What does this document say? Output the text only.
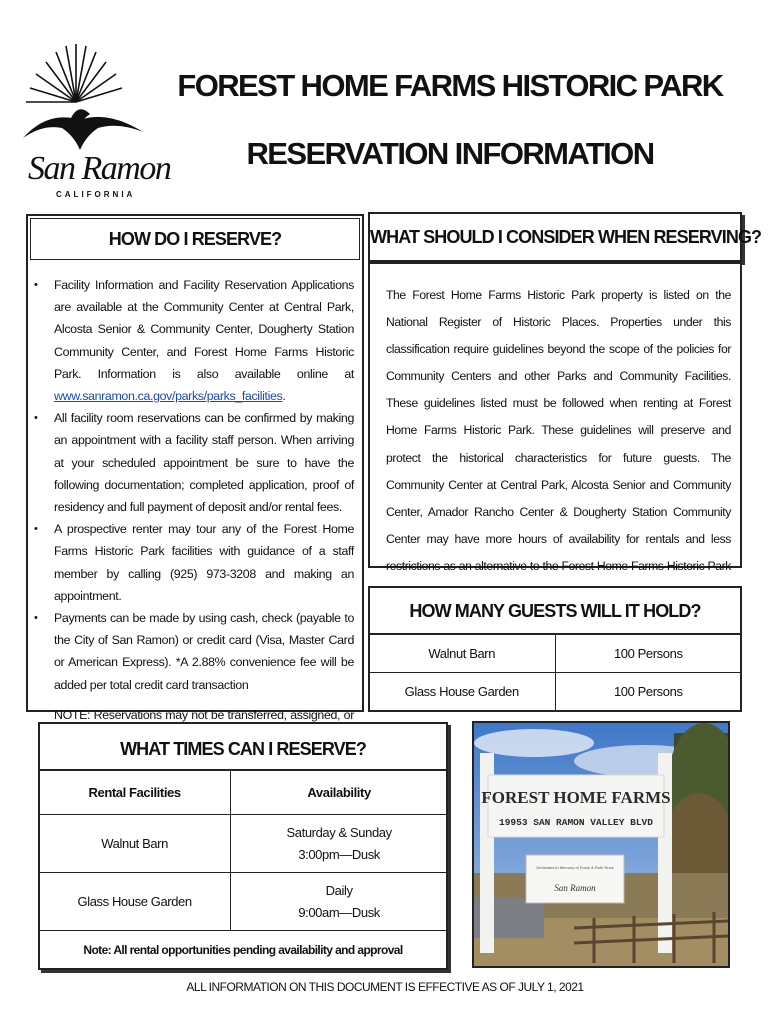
San Ramon
CALIFORNIA
FOREST HOME FARMS HISTORIC PARK
RESERVATION INFORMATION
HOW DO I RESERVE?
• Facility Information and Facility Reservation Applications are available at the Community Center at Central Park, Alcosta Senior & Community Center, Dougherty Station Community Center, and Forest Home Farms Historic Park. Information is also available online at www.sanramon.ca.gov/parks/parks_facilities.
• All facility room reservations can be confirmed by making an appointment with a facility staff person. When arriving at your scheduled appointment be sure to have the following documentation; completed application, proof of residency and full payment of deposit and/or rental fees.
• A prospective renter may tour any of the Forest Home Farms Historic Park facilities with guidance of a staff member by calling (925) 973-3208 and making an appointment.
• Payments can be made by using cash, check (payable to the City of San Ramon) or credit card (Visa, Master Card or American Express). *A 2.88% convenience fee will be added per total credit card transaction
NOTE: Reservations may not be transferred, assigned, or
WHAT SHOULD I CONSIDER WHEN RESERVING?
The Forest Home Farms Historic Park property is listed on the National Register of Historic Places. Properties under this classification require guidelines beyond the scope of the policies for Community Centers and other Parks and Community Facilities. These guidelines listed must be followed when renting at Forest Home Farms Historic Park. These guidelines will preserve and protect the historical characteristics for future guests. The Community Center at Central Park, Alcosta Senior and Community Center, Amador Rancho Center & Dougherty Station Community Center may have more hours of availability for rentals and less restrictions as an alternative to the Forest Home Farms Historic Park
HOW MANY GUESTS WILL IT HOLD?
Walnut Barn	100 Persons
Glass House Garden	100 Persons
WHAT TIMES CAN I RESERVE?
Rental Facilities	Availability
Walnut Barn	Saturday & Sunday
3:00pm—Dusk

Glass House Garden	Daily
9:00am—Dusk

Note: All rental opportunities pending availability and approval	
FOREST HOME FARMS
19953 SAN RAMON VALLEY BLVD
Dedicated in Memory of Frank & Ruth Russ
San Ramon
ALL INFORMATION ON THIS DOCUMENT IS EFFECTIVE AS OF JULY 1, 2021
